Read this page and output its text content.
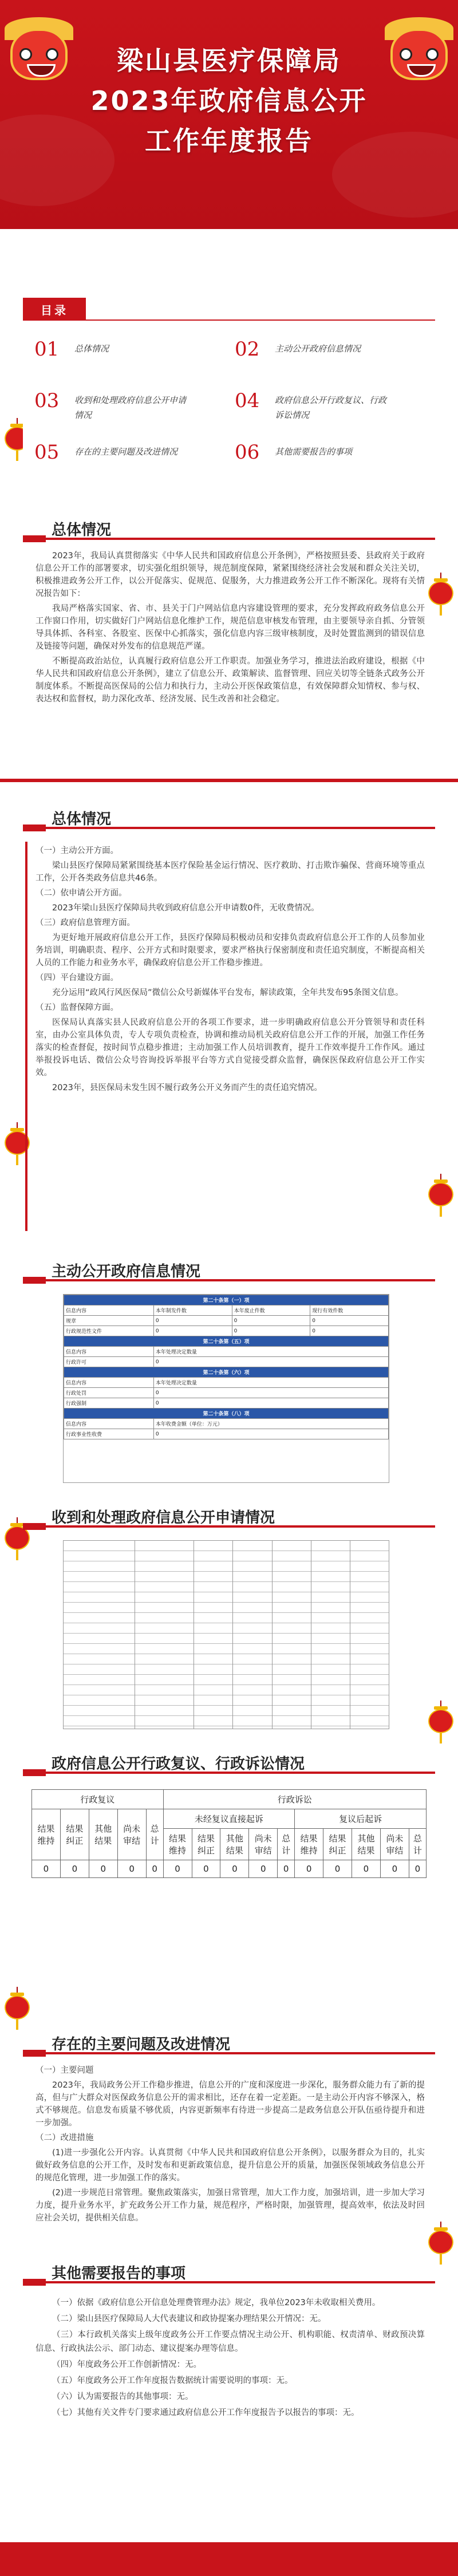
梁山县医疗保障局
2023年政府信息公开
工作年度报告
目录
01 总体情况	02 主动公开政府信息情况
03 收到和处理政府信息公开申请情况
04 政府信息公开行政复议、行政诉讼情况
05 存在的主要问题及改进情况	06 其他需要报告的事项
总体情况

2023年，我局认真贯彻落实《中华人民共和国政府信息公开条例》，严格按照县委、县政府关于政府信息公开工作的部署要求，切实强化组织领导，规范制度保障，紧紧围绕经济社会发展和群众关注关切，积极推进政务公开工作，以公开促落实、促规范、促服务，大力推进政务公开工作不断深化。现将有关情况报告如下：

我局严格落实国家、省、市、县关于门户网站信息内容建设管理的要求，充分发挥政府政务信息公开工作窗口作用，切实做好门户网站信息化维护工作，规范信息审核发布管理，由主要领导亲自抓、分管领导具体抓、各科室、各股室、医保中心抓落实，强化信息内容三级审核制度，及时处置监测到的错误信息及链接等问题，确保对外发布的信息规范严谨。

不断提高政治站位，认真履行政府信息公开工作职责。加强业务学习，推进法治政府建设，根据《中华人民共和国政府信息公开条例》，建立了信息公开、政策解读、监督管理、回应关切等全链条式政务公开制度体系。不断提高医保局的公信力和执行力，主动公开医保政策信息，有效保障群众知情权、参与权、表达权和监督权，助力深化改革、经济发展、民生改善和社会稳定。

总体情况

（一）主动公开方面。

梁山县医疗保障局紧紧围绕基本医疗保险基金运行情况、医疗救助、打击欺诈骗保、营商环境等重点工作，公开各类政务信息共46条。

（二）依申请公开方面。

2023年梁山县医疗保障局共收到政府信息公开申请数0件，无收费情况。

（三）政府信息管理方面。

为更好地开展政府信息公开工作，县医疗保障局积极动员和安排负责政府信息公开工作的人员参加业务培训，明确职责、程序、公开方式和时限要求，要求严格执行保密制度和责任追究制度，不断提高相关人员的工作能力和业务水平，确保政府信息公开工作稳步推进。

（四）平台建设方面。

充分运用“政风行风医保局”微信公众号新媒体平台发布，解读政策，全年共发布95条图文信息。

（五）监督保障方面。

医保局认真落实县人民政府信息公开的各项工作要求，进一步明确政府信息公开分管领导和责任科室，由办公室具体负责，专人专项负责检查，协调和推动局机关政府信息公开工作的开展，加强工作任务落实的检查督促，按时间节点稳步推进；主动加强工作人员培训教育，提升工作效率提升工作作风。通过举报投诉电话、微信公众号咨询投诉举报平台等方式自觉接受群众监督，确保医保政府信息公开工作实效。

2023年，县医保局未发生因不履行政务公开义务而产生的责任追究情况。

主动公开政府信息情况
第二十条第（一）项			
信息内容	本年制发件数	本年废止件数	现行有效件数
规章	0	0	0
行政规范性文件	0	0	0
第二十条第（五）项			
信息内容	本年处理决定数量		
行政许可	0		
第二十条第（六）项			
信息内容	本年处理决定数量		
行政处罚	0		
行政强制	0		
第二十条第（八）项			
信息内容	本年收费金额（单位：万元）		
行政事业性收费	0		
收到和处理政府信息公开申请情况
政府信息公开行政复议、行政诉讼情况
行政复议					行政诉讼									
结果维持	结果纠正	其他结果	尚未审结	总计	未经复议直接起诉					复议后起诉				
					结果维持	结果纠正	其他结果	尚未审结	总计	结果维持	结果纠正	其他结果	尚未审结	总计
0	0	0	0	0	0	0	0	0	0	0	0	0	0	0
存在的主要问题及改进情况

（一）主要问题

2023年，我局政务公开工作稳步推进，信息公开的广度和深度进一步深化，服务群众能力有了新的提高，但与广大群众对医保政务信息公开的需求相比，还存在着一定差距。一是主动公开内容不够深入，格式不够规范。信息发布质量不够优质，内容更新频率有待进一步提高二是政务信息公开队伍亟待提升和进一步加强。

（二）改进措施

(1)进一步强化公开内容。认真贯彻《中华人民共和国政府信息公开条例》，以服务群众为目的，扎实做好政务信息的公开工作，及时发布和更新政策信息，提升信息公开的质量，加强医保领域政务信息公开的规范化管理，进一步加强工作的落实。

(2)进一步规范日常管理。聚焦政策落实，加强日常管理，加大工作力度，加强培训，进一步加大学习力度，提升业务水平，扩充政务公开工作力量，规范程序，严格时限，加强管理，提高效率，依法及时回应社会关切，提供相关信息。

其他需要报告的事项

（一）依据《政府信息公开信息处理费管理办法》规定，我单位2023年未收取相关费用。

（二）梁山县医疗保障局人大代表建议和政协提案办理结果公开情况：无。

（三）本行政机关落实上级年度政务公开工作要点情况主动公开、机构职能、权责清单、财政预决算信息、行政执法公示、部门动态、建议提案办理等信息。

（四）年度政务公开工作创新情况：无。

（五）年度政务公开工作年度报告数据统计需要说明的事项：无。

（六）认为需要报告的其他事项：无。

（七）其他有关文件专门要求通过政府信息公开工作年度报告予以报告的事项：无。
